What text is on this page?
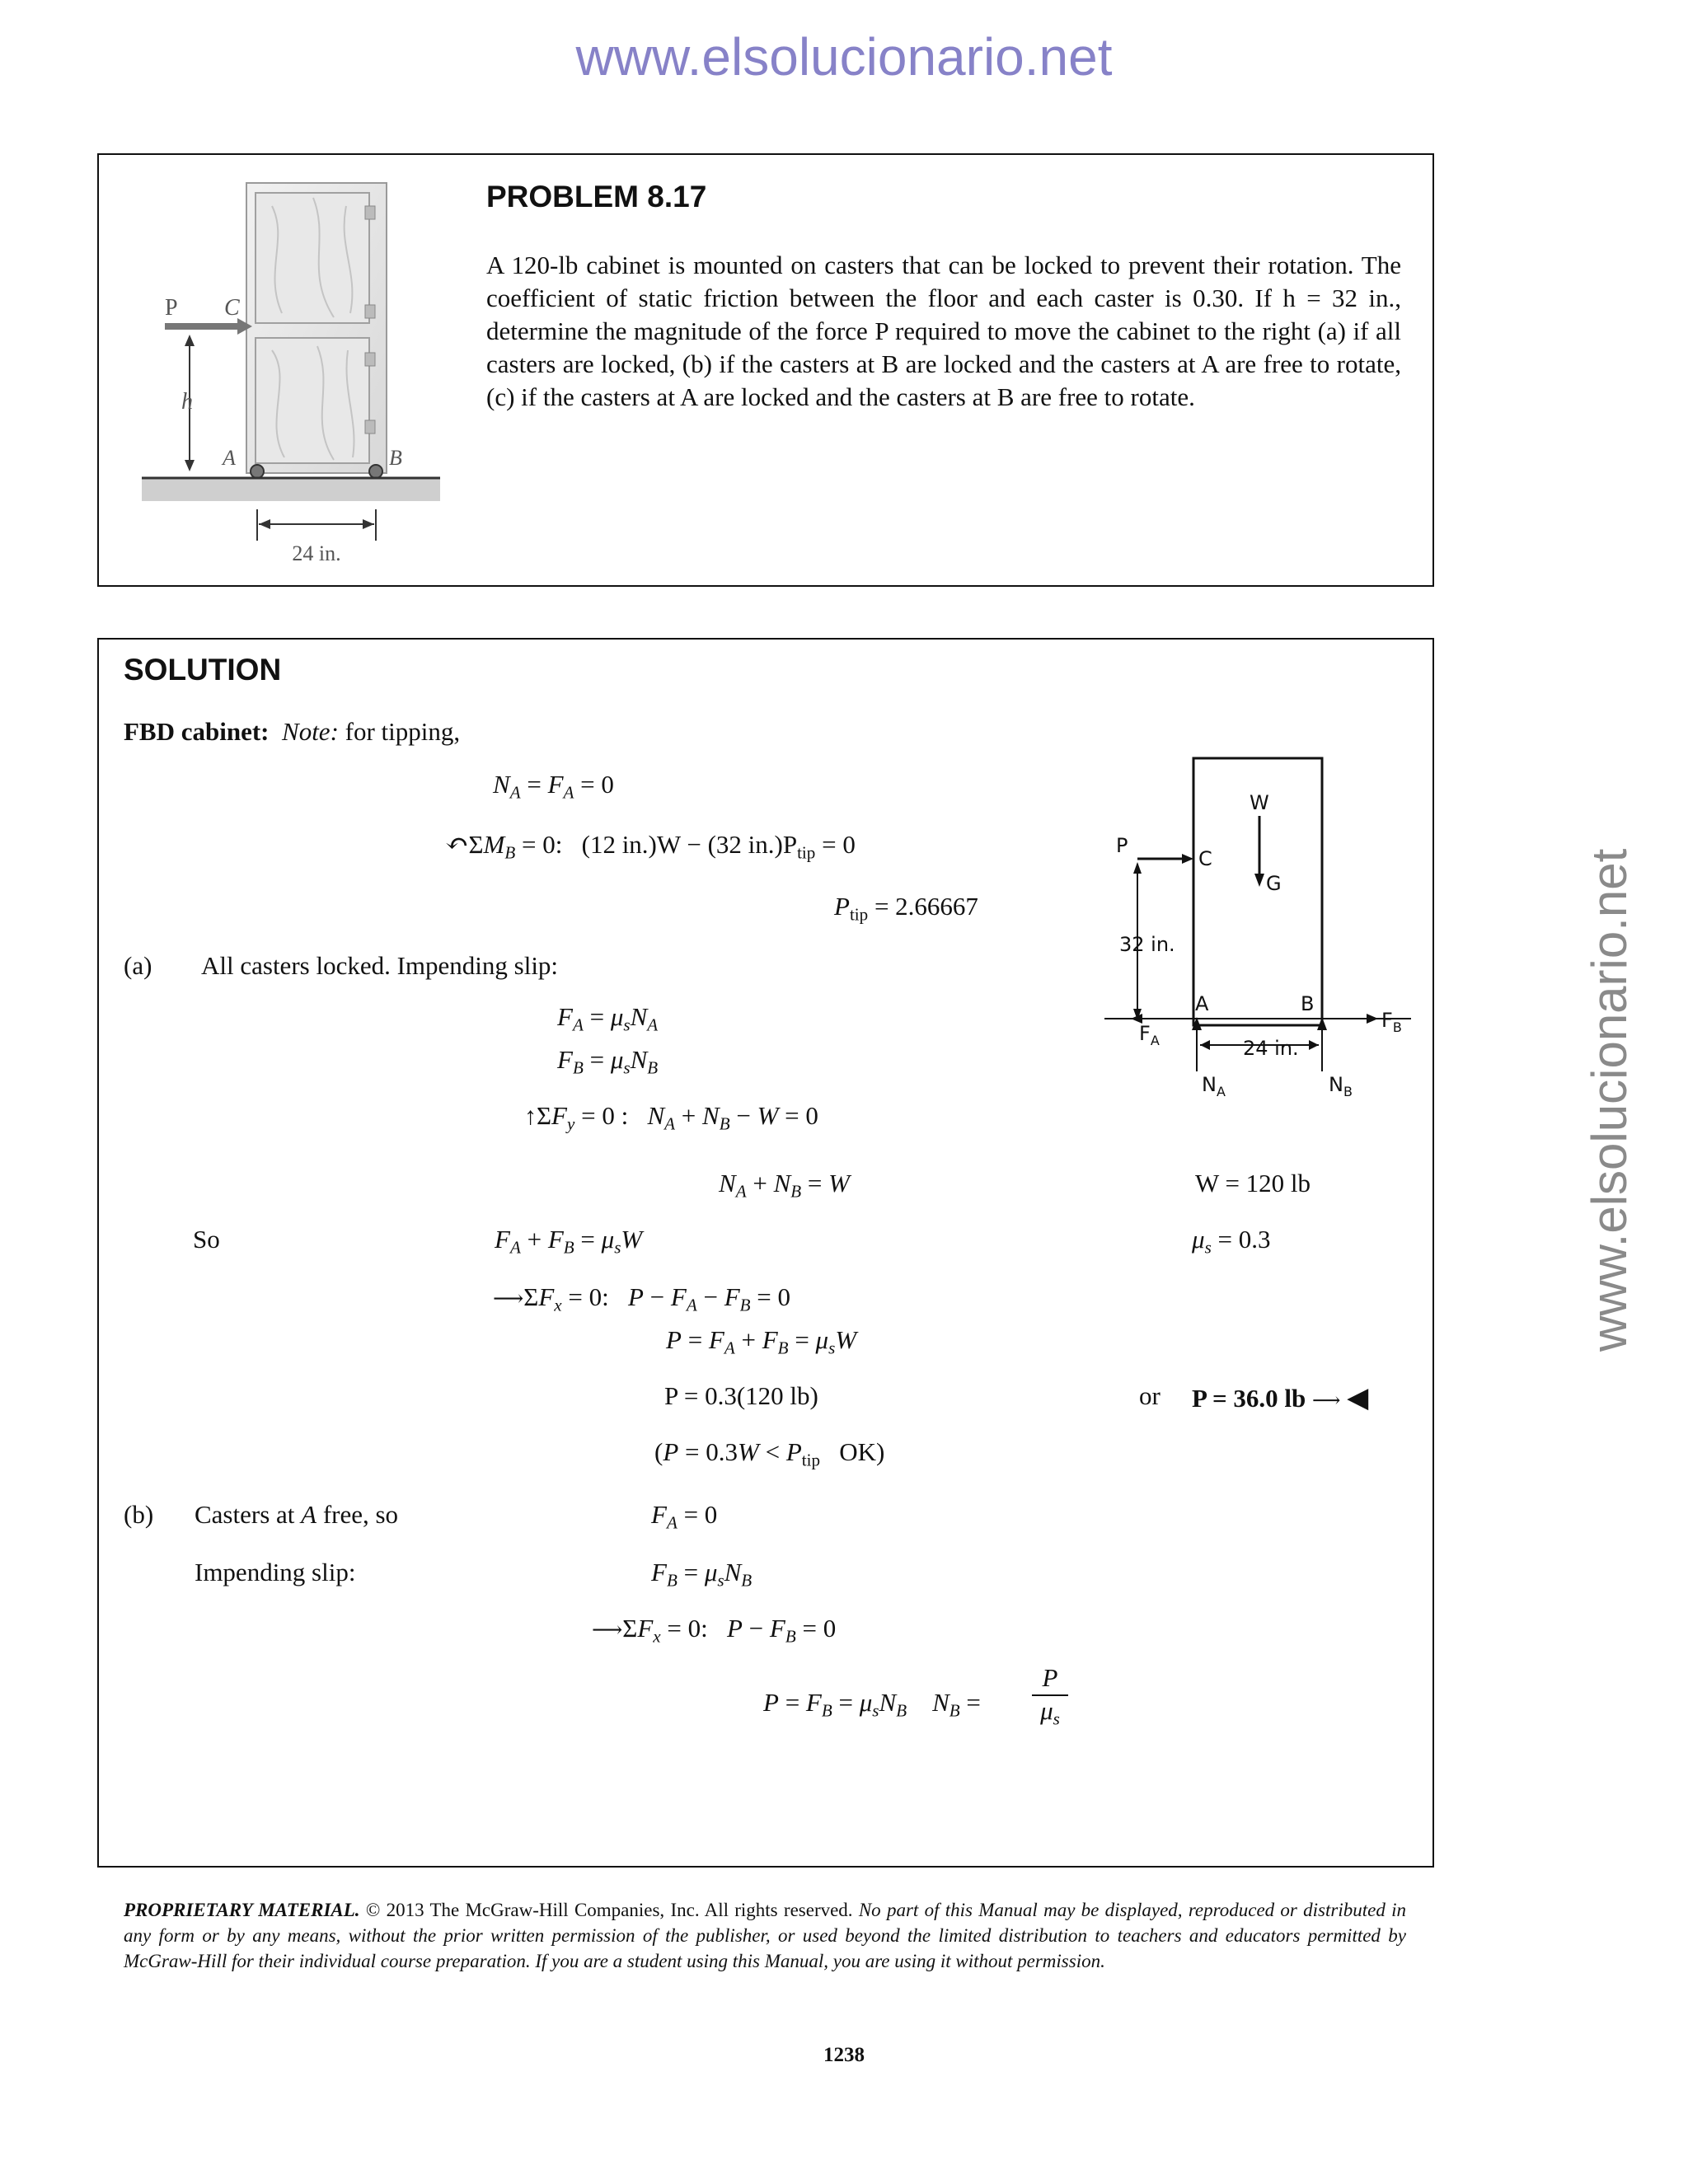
www.elsolucionario.net
www.elsolucionario.net
P C
h
A	B
24 in.
PROBLEM 8.17
A 120-lb cabinet is mounted on casters that can be locked to prevent their rotation. The coefficient of static friction between the floor and each caster is 0.30. If h = 32 in., determine the magnitude of the force P required to move the cabinet to the right (a) if all casters are locked, (b) if the casters at B are locked and the casters at A are free to rotate, (c) if the casters at A are locked and the casters at B are free to rotate.
SOLUTION
FBD cabinet: Note: for tipping,
$N_A = F_A = 0$
$↶\Sigma M_B = 0$:   (12 in.)W − (32 $in.)P_{tip} = 0$
$P_{tip} = 2.66667$
(a) All casters locked. Impending slip:
$F_A = \mu_sN_A$
$F_B = \mu_sN_B$
$↑\Sigma F_y = 0$ :   $N_A + N_B - W = 0$
$N_A + N_B = W$	W = 120 lb
So	$F_A + F_B = \mu_sW$	$\mu_s = 0.3$
$⟶\Sigma F_x = 0$:   $P - F_A - F_B = 0$
$P = F_A + F_B = \mu_sW$
P = 0.3(120 lb)	or P = 36.0 lb ⟶ ◀
($P = 0.3W < P_{tip}$ OK)
(b) Casters at A free, so	$F_A = 0$
Impending slip:	$F_B = \mu_sN_B$
$⟶\Sigma F_x = 0$:   $P - F_B = 0$
$P = F_B = \mu_sN_B$ $N_B$ =
P
$\mu_s$
W
G
P
C
32 in.
A	B
$F_A$
$F_B$
24 in.
$N_A$	$N_B$
PROPRIETARY MATERIAL. © 2013 The McGraw-Hill Companies, Inc. All rights reserved. No part of this Manual may be displayed, reproduced or distributed in any form or by any means, without the prior written permission of the publisher, or used beyond the limited distribution to teachers and educators permitted by McGraw-Hill for their individual course preparation. If you are a student using this Manual, you are using it without permission.
1238
